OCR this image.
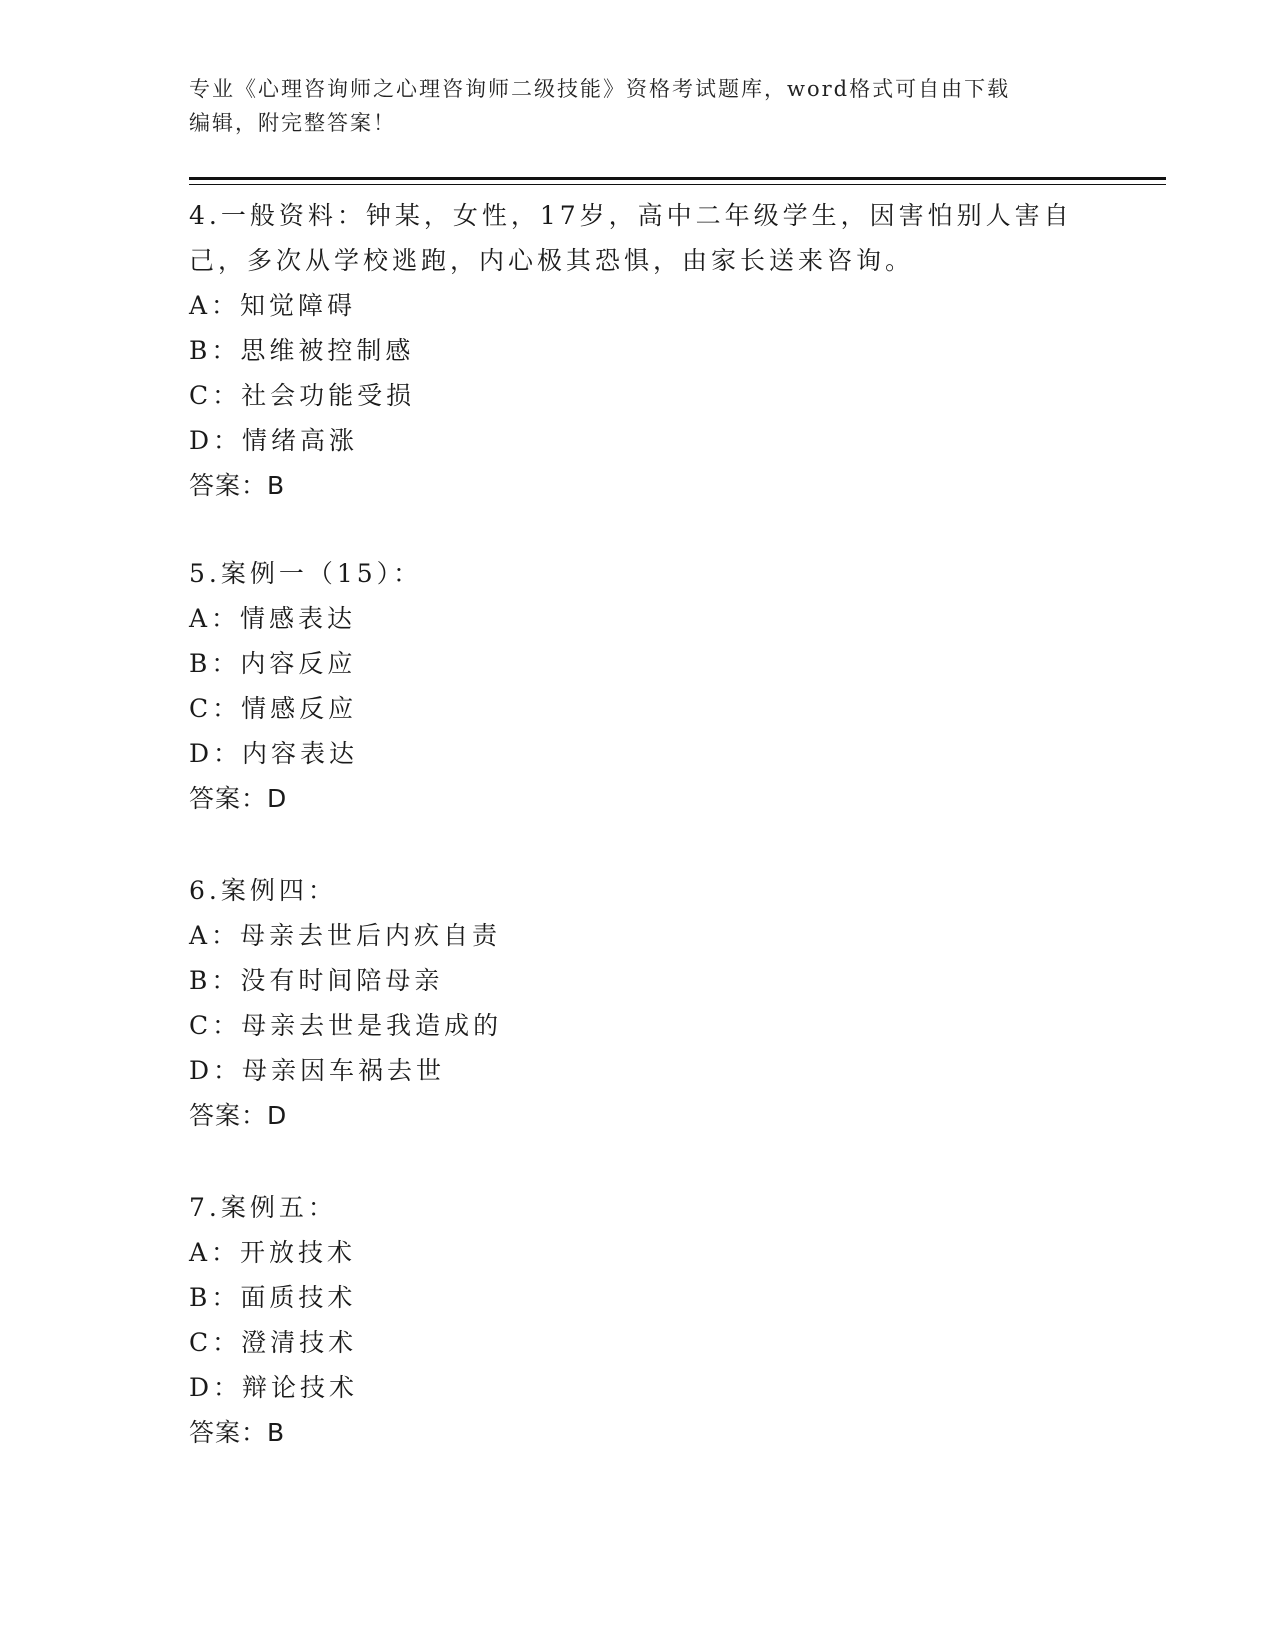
专业《心理咨询师之心理咨询师二级技能》资格考试题库，word格式可自由下载

编辑，附完整答案！

4.一般资料：钟某，女性，17岁，高中二年级学生，因害怕别人害自

己，多次从学校逃跑，内心极其恐惧，由家长送来咨询。

A：知觉障碍

B：思维被控制感

C：社会功能受损

D：情绪高涨

答案：B

5.案例一（15）：

A：情感表达

B：内容反应

C：情感反应

D：内容表达

答案：D

6.案例四：

A：母亲去世后内疚自责

B：没有时间陪母亲

C：母亲去世是我造成的

D：母亲因车祸去世

答案：D

7.案例五：

A：开放技术

B：面质技术

C：澄清技术

D：辩论技术

答案：B
